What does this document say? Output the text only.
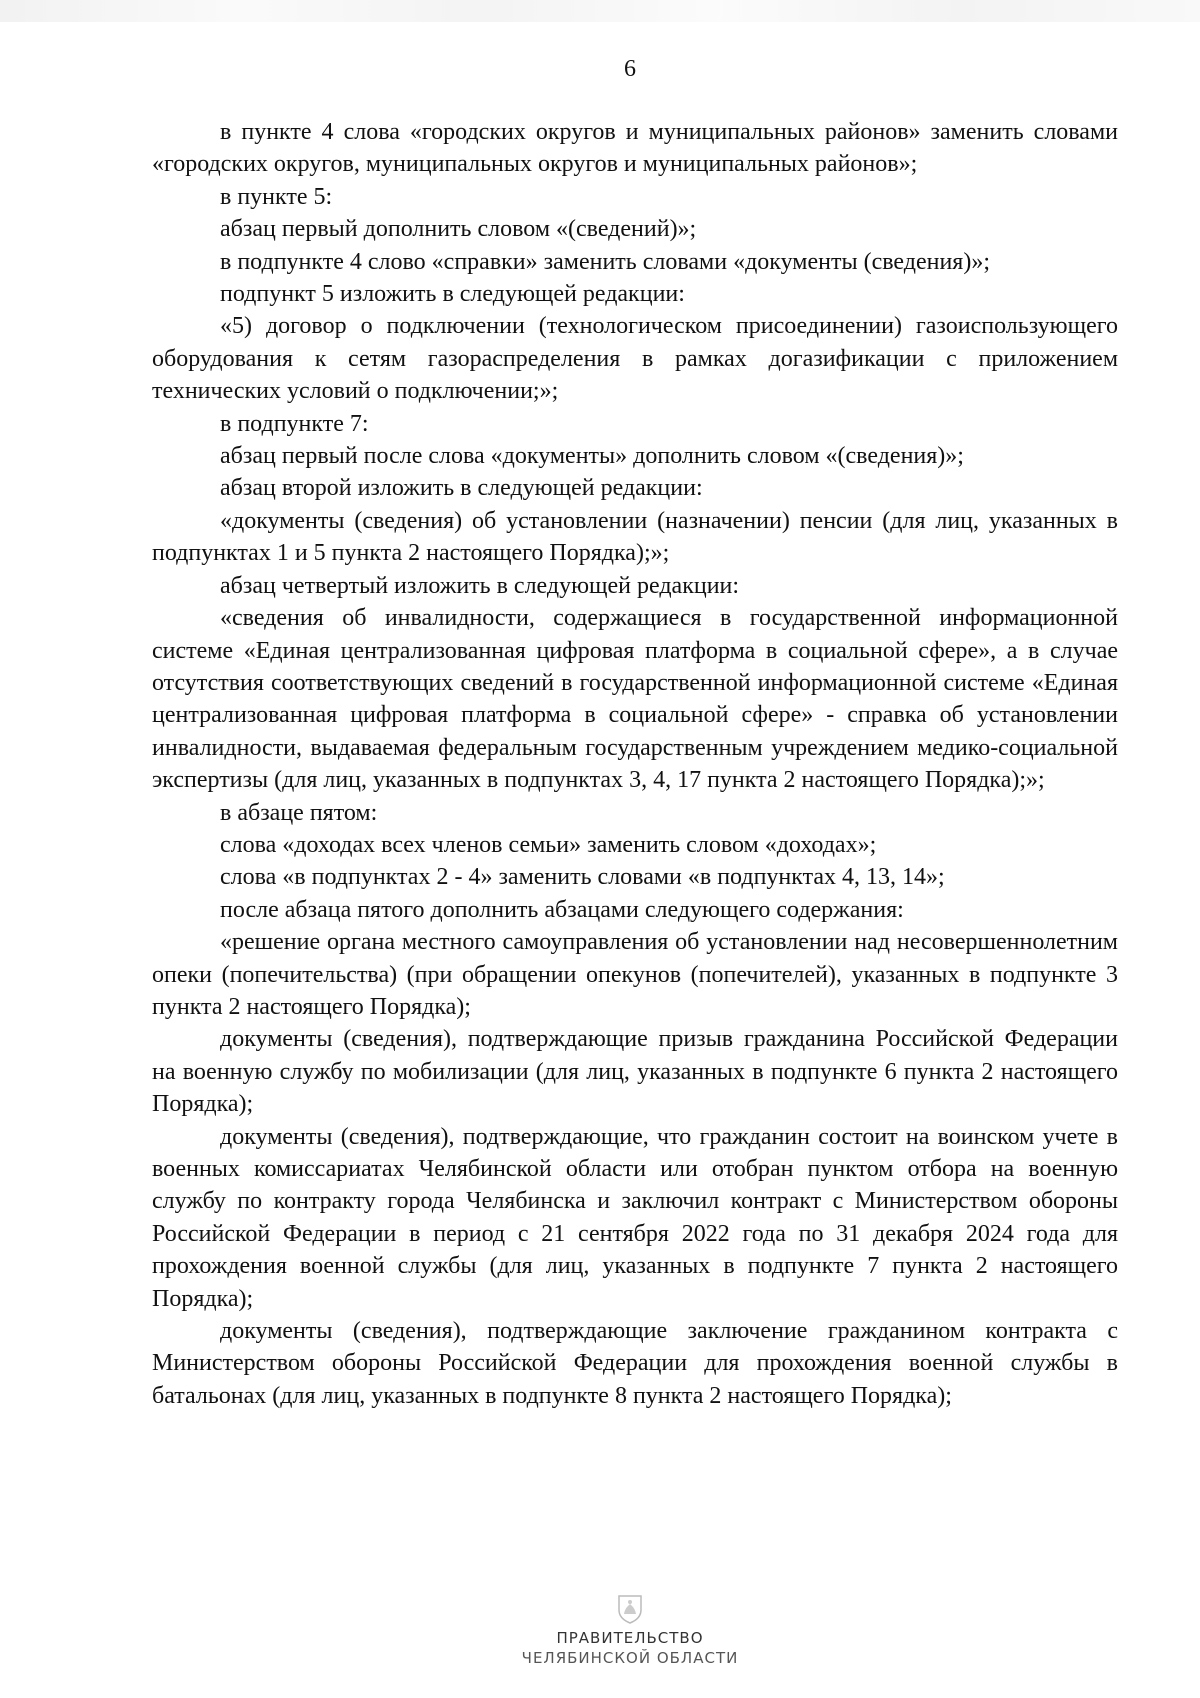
6

в пункте 4 слова «городских округов и муниципальных районов» заменить словами «городских округов, муниципальных округов и муниципальных районов»;

в пункте 5:

абзац первый дополнить словом «(сведений)»;

в подпункте 4 слово «справки» заменить словами «документы (сведения)»;

подпункт 5 изложить в следующей редакции:

«5) договор о подключении (технологическом присоединении) газоиспользующего оборудования к сетям газораспределения в рамках догазификации с приложением технических условий о подключении;»;

в подпункте 7:

абзац первый после слова «документы» дополнить словом «(сведения)»;

абзац второй изложить в следующей редакции:

«документы (сведения) об установлении (назначении) пенсии (для лиц, указанных в подпунктах 1 и 5 пункта 2 настоящего Порядка);»;

абзац четвертый изложить в следующей редакции:

«сведения об инвалидности, содержащиеся в государственной информационной системе «Единая централизованная цифровая платформа в социальной сфере», а в случае отсутствия соответствующих сведений в государственной информационной системе «Единая централизованная цифровая платформа в социальной сфере» - справка об установлении инвалидности, выдаваемая федеральным государственным учреждением медико-социальной экспертизы (для лиц, указанных в подпунктах 3, 4, 17 пункта 2 настоящего Порядка);»;

в абзаце пятом:

слова «доходах всех членов семьи» заменить словом «доходах»;

слова «в подпунктах 2 - 4» заменить словами «в подпунктах 4, 13, 14»;

после абзаца пятого дополнить абзацами следующего содержания:

«решение органа местного самоуправления об установлении над несовершеннолетним опеки (попечительства) (при обращении опекунов (попечителей), указанных в подпункте 3 пункта 2 настоящего Порядка);

документы (сведения), подтверждающие призыв гражданина Российской Федерации на военную службу по мобилизации (для лиц, указанных в подпункте 6 пункта 2 настоящего Порядка);

документы (сведения), подтверждающие, что гражданин состоит на воинском учете в военных комиссариатах Челябинской области или отобран пунктом отбора на военную службу по контракту города Челябинска и заключил контракт с Министерством обороны Российской Федерации в период с 21 сентября 2022 года по 31 декабря 2024 года для прохождения военной службы (для лиц, указанных в подпункте 7 пункта 2 настоящего Порядка);

документы (сведения), подтверждающие заключение гражданином контракта с Министерством обороны Российской Федерации для прохождения военной службы в батальонах (для лиц, указанных в подпункте 8 пункта 2 настоящего Порядка);

ПРАВИТЕЛЬСТВО
ЧЕЛЯБИНСКОЙ ОБЛАСТИ
